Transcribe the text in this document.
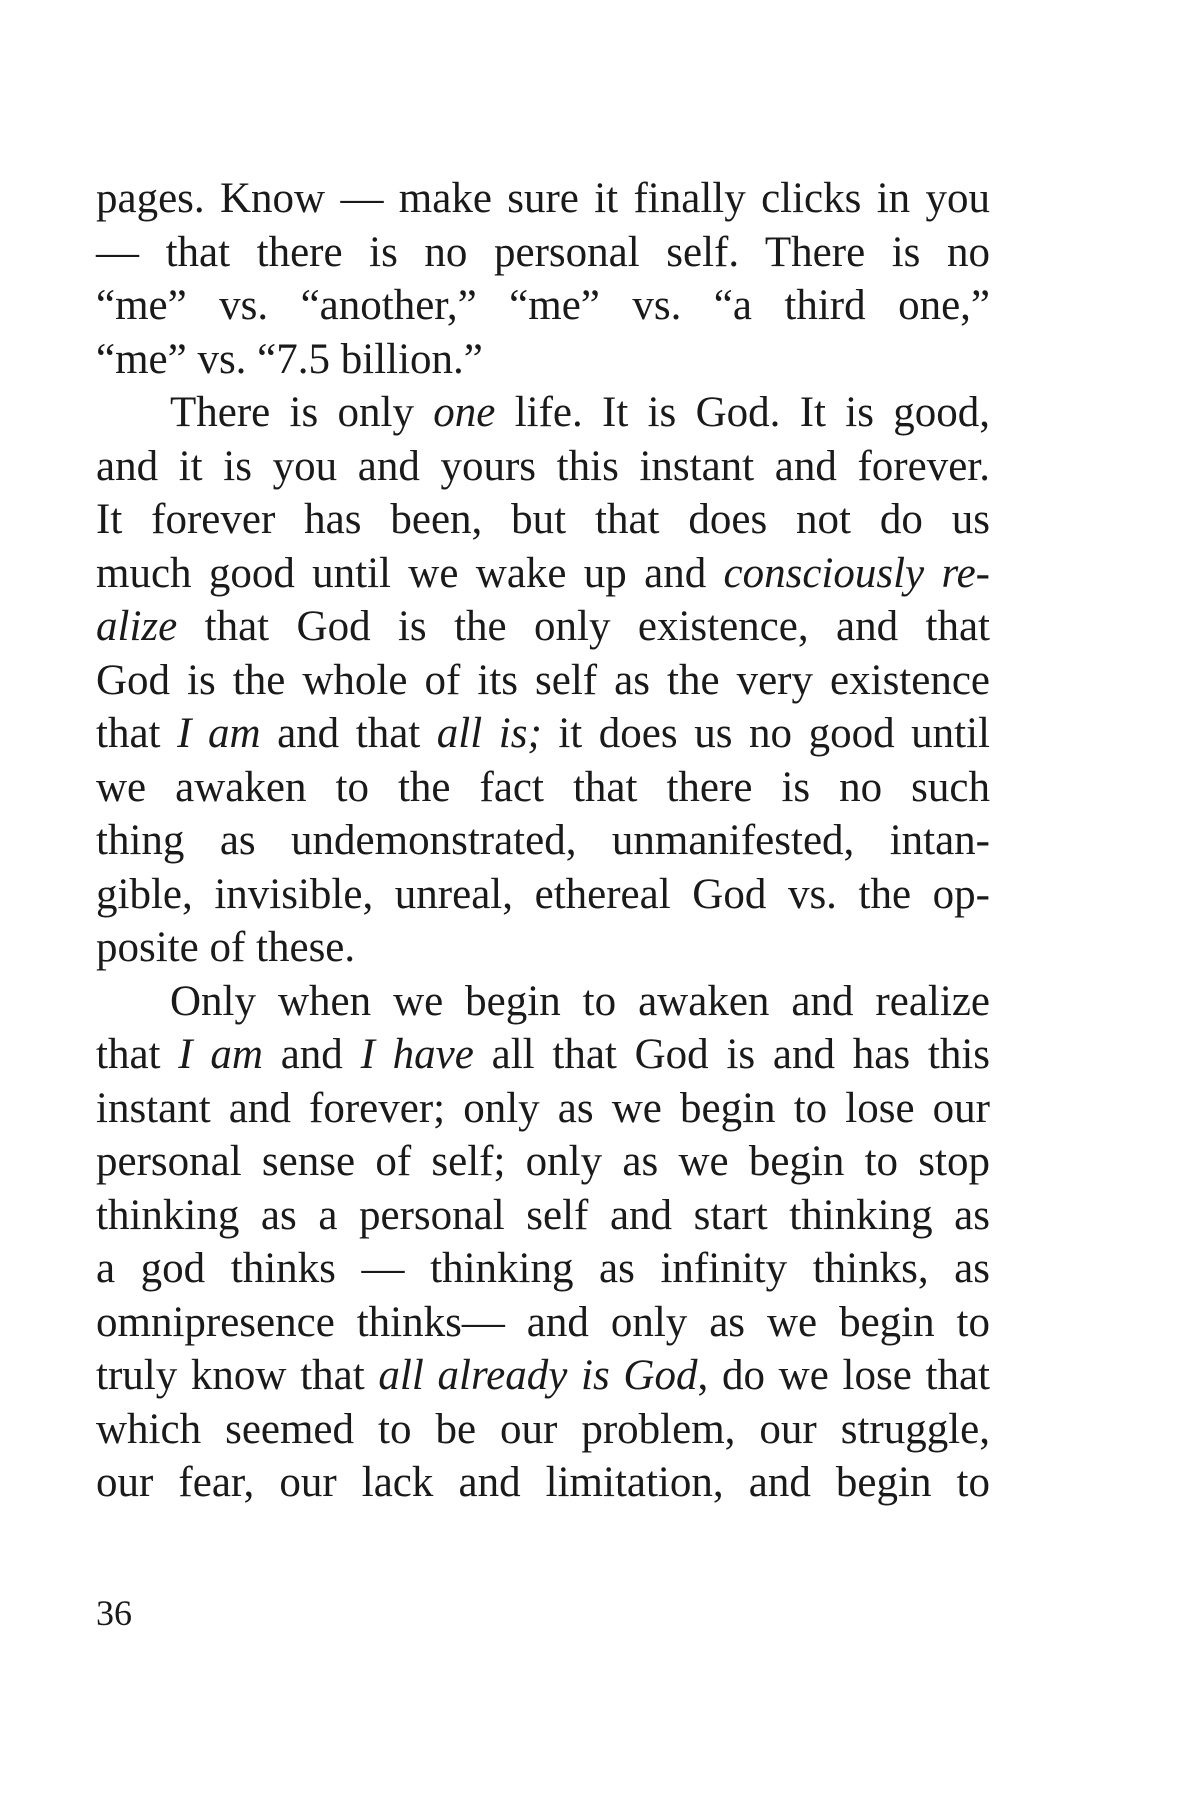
pages. Know — make sure it finally clicks in you
— that there is no personal self. There is no
“me” vs. “another,” “me” vs. “a third one,”
“me” vs. “7.5 billion.”
There is only one life. It is God. It is good,
and it is you and yours this instant and forever.
It forever has been, but that does not do us
much good until we wake up and consciously re-
alize that God is the only existence, and that
God is the whole of its self as the very existence
that I am and that all is; it does us no good until
we awaken to the fact that there is no such
thing as undemonstrated, unmanifested, intan-
gible, invisible, unreal, ethereal God vs. the op-
posite of these.
Only when we begin to awaken and realize
that I am and I have all that God is and has this
instant and forever; only as we begin to lose our
personal sense of self; only as we begin to stop
thinking as a personal self and start thinking as
a god thinks — thinking as infinity thinks, as
omnipresence thinks— and only as we begin to
truly know that all already is God, do we lose that
which seemed to be our problem, our struggle,
our fear, our lack and limitation, and begin to
36
